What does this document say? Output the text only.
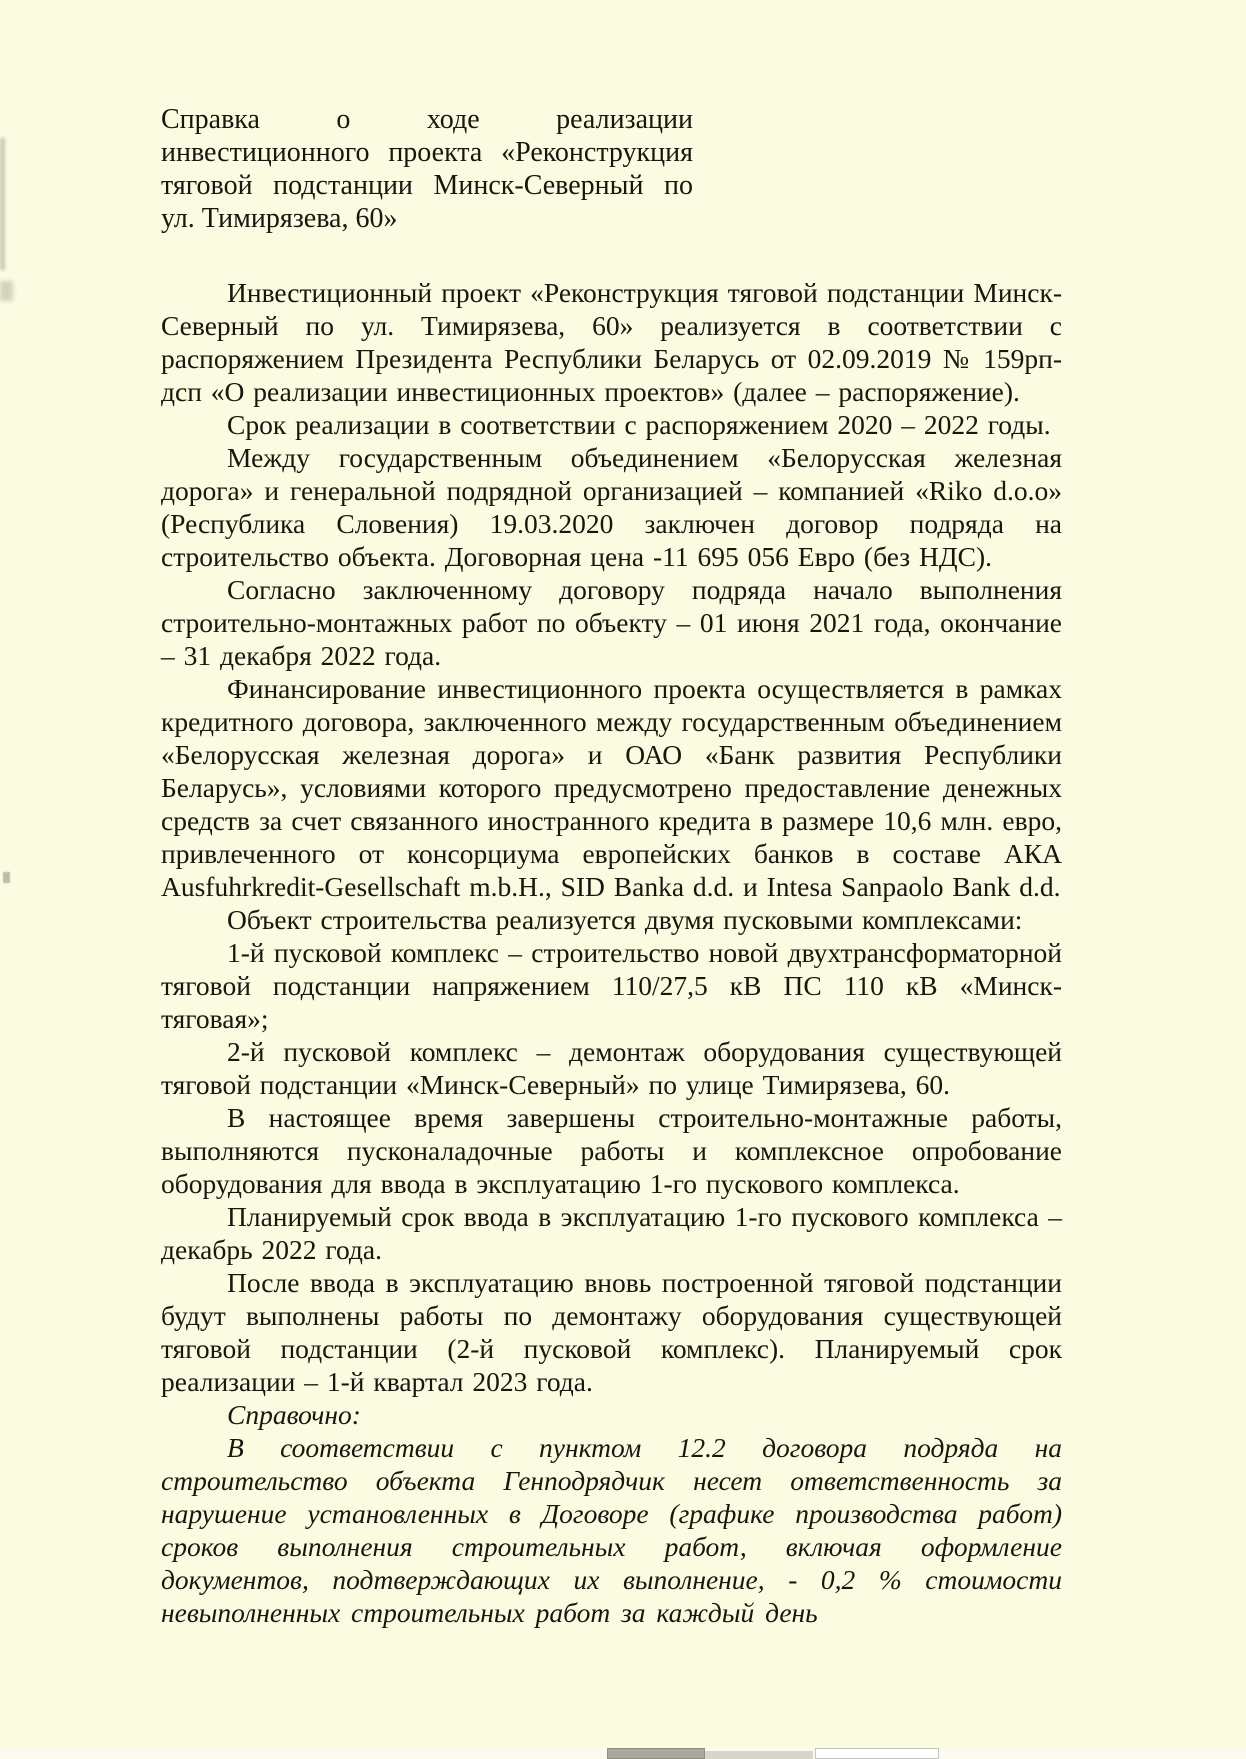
Справка о ходе реализации
инвестиционного проекта «Реконструкция
тяговой подстанции Минск-Северный по
ул. Тимирязева, 60»

Инвестиционный проект «Реконструкция тяговой подстанции Минск-Северный по ул. Тимирязева, 60» реализуется в соответствии с распоряжением Президента Республики Беларусь от 02.09.2019 № 159рп-дсп «О реализации инвестиционных проектов» (далее – распоряжение).

Срок реализации в соответствии с распоряжением 2020 – 2022 годы.

Между государственным объединением «Белорусская железная дорога» и генеральной подрядной организацией – компанией «Riko d.o.o» (Республика Словения) 19.03.2020 заключен договор подряда на строительство объекта. Договорная цена -11 695 056 Евро (без НДС).

Согласно заключенному договору подряда начало выполнения строительно-монтажных работ по объекту – 01 июня 2021 года, окончание – 31 декабря 2022 года.

Финансирование инвестиционного проекта осуществляется в рамках кредитного договора, заключенного между государственным объединением «Белорусская железная дорога» и ОАО «Банк развития Республики Беларусь», условиями которого предусмотрено предоставление денежных средств за счет связанного иностранного кредита в размере 10,6 млн. евро, привлеченного от консорциума европейских банков в составе АКА Ausfuhrkredit-Gesellschaft m.b.H., SID Banka d.d. и Intesa Sanpaolo Bank d.d.

Объект строительства реализуется двумя пусковыми комплексами:

1-й пусковой комплекс – строительство новой двухтрансформаторной тяговой подстанции напряжением 110/27,5 кВ ПС 110 кВ «Минск-тяговая»;

2-й пусковой комплекс – демонтаж оборудования существующей тяговой подстанции «Минск-Северный» по улице Тимирязева, 60.

В настоящее время завершены строительно-монтажные работы, выполняются пусконаладочные работы и комплексное опробование оборудования для ввода в эксплуатацию 1-го пускового комплекса.

Планируемый срок ввода в эксплуатацию 1-го пускового комплекса – декабрь 2022 года.

После ввода в эксплуатацию вновь построенной тяговой подстанции будут выполнены работы по демонтажу оборудования существующей тяговой подстанции (2-й пусковой комплекс). Планируемый срок реализации – 1-й квартал 2023 года.

Справочно:

В соответствии с пунктом 12.2 договора подряда на строительство объекта Генподрядчик несет ответственность за нарушение установленных в Договоре (графике производства работ) сроков выполнения строительных работ, включая оформление документов, подтверждающих их выполнение, - 0,2 % стоимости невыполненных строительных работ за каждый день
